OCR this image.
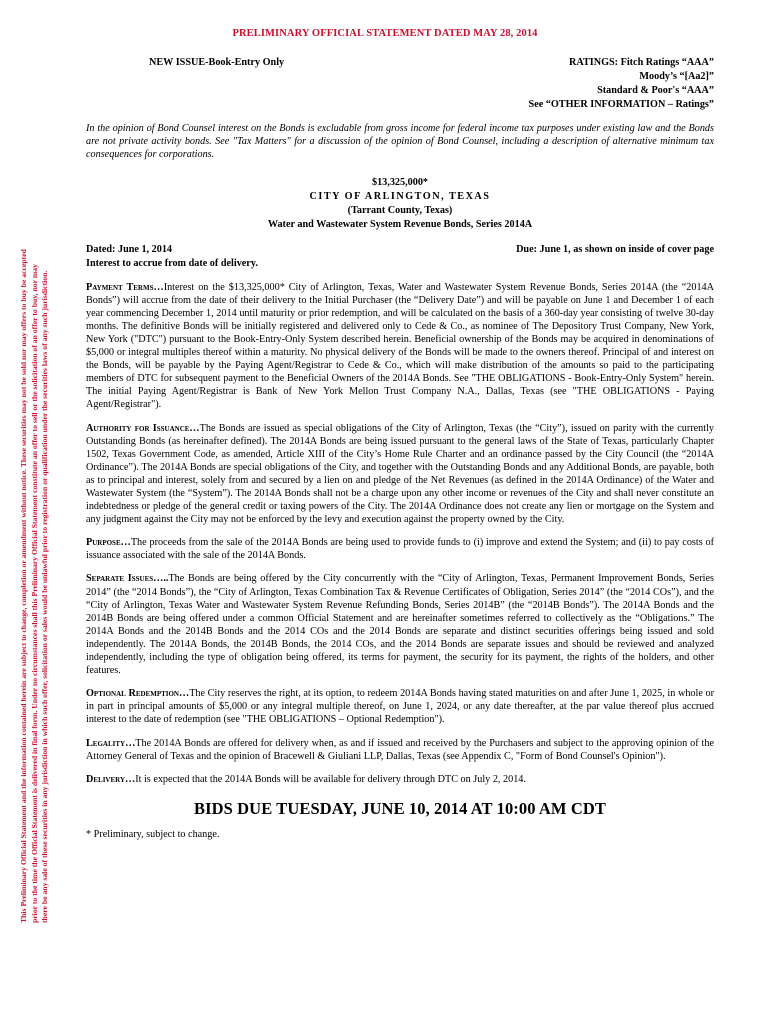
PRELIMINARY OFFICIAL STATEMENT DATED MAY 28, 2014
This Preliminary Official Statement and the information contained herein are subject to change, completion or amendment without notice. These securities may not be sold nor may offers to buy be accepted prior to the time the Official Statement is delivered in final form. Under no circumstances shall this Preliminary Official Statement constitute an offer to sell or the solicitation of an offer to buy, nor may there be any sale of these securities in any jurisdiction in which such offer, solicitation or sales would be unlawful prior to registration or qualification under the securities laws of any such jurisdiction.
NEW ISSUE-Book-Entry Only	RATINGS: Fitch Ratings “AAA”
Moody’s “[Aa2]”
Standard & Poor's “AAA”
See “OTHER INFORMATION – Ratings”
In the opinion of Bond Counsel interest on the Bonds is excludable from gross income for federal income tax purposes under existing law and the Bonds are not private activity bonds. See "Tax Matters" for a discussion of the opinion of Bond Counsel, including a description of alternative minimum tax consequences for corporations.
$13,325,000*
CITY OF ARLINGTON, TEXAS
(Tarrant County, Texas)
Water and Wastewater System Revenue Bonds, Series 2014A
Dated: June 1, 2014
Interest to accrue from date of delivery.
Due: June 1, as shown on inside of cover page
Payment Terms…Interest on the $13,325,000* City of Arlington, Texas, Water and Wastewater System Revenue Bonds, Series 2014A (the “2014A Bonds”) will accrue from the date of their delivery to the Initial Purchaser (the “Delivery Date”) and will be payable on June 1 and December 1 of each year commencing December 1, 2014 until maturity or prior redemption, and will be calculated on the basis of a 360-day year consisting of twelve 30-day months. The definitive Bonds will be initially registered and delivered only to Cede & Co., as nominee of The Depository Trust Company, New York, New York ("DTC") pursuant to the Book-Entry-Only System described herein. Beneficial ownership of the Bonds may be acquired in denominations of $5,000 or integral multiples thereof within a maturity. No physical delivery of the Bonds will be made to the owners thereof. Principal of and interest on the Bonds, will be payable by the Paying Agent/Registrar to Cede & Co., which will make distribution of the amounts so paid to the participating members of DTC for subsequent payment to the Beneficial Owners of the 2014A Bonds. See "THE OBLIGATIONS - Book-Entry-Only System" herein. The initial Paying Agent/Registrar is Bank of New York Mellon Trust Company N.A., Dallas, Texas (see "THE OBLIGATIONS - Paying Agent/Registrar").
Authority for Issuance…The Bonds are issued as special obligations of the City of Arlington, Texas (the “City”), issued on parity with the currently Outstanding Bonds (as hereinafter defined). The 2014A Bonds are being issued pursuant to the general laws of the State of Texas, particularly Chapter 1502, Texas Government Code, as amended, Article XIII of the City’s Home Rule Charter and an ordinance passed by the City Council (the “2014A Ordinance”). The 2014A Bonds are special obligations of the City, and together with the Outstanding Bonds and any Additional Bonds, are payable, both as to principal and interest, solely from and secured by a lien on and pledge of the Net Revenues (as defined in the 2014A Ordinance) of the Water and Wastewater System (the “System”). The 2014A Bonds shall not be a charge upon any other income or revenues of the City and shall never constitute an indebtedness or pledge of the general credit or taxing powers of the City. The 2014A Ordinance does not create any lien or mortgage on the System and any judgment against the City may not be enforced by the levy and execution against the property owned by the City.
Purpose…The proceeds from the sale of the 2014A Bonds are being used to provide funds to (i) improve and extend the System; and (ii) to pay costs of issuance associated with the sale of the 2014A Bonds.
Separate Issues…..The Bonds are being offered by the City concurrently with the “City of Arlington, Texas, Permanent Improvement Bonds, Series 2014” (the “2014 Bonds”), the “City of Arlington, Texas Combination Tax & Revenue Certificates of Obligation, Series 2014” (the “2014 COs”), and the “City of Arlington, Texas Water and Wastewater System Revenue Refunding Bonds, Series 2014B” (the “2014B Bonds”). The 2014A Bonds and the 2014B Bonds are being offered under a common Official Statement and are hereinafter sometimes referred to collectively as the “Obligations.” The 2014A Bonds and the 2014B Bonds and the 2014 COs and the 2014 Bonds are separate and distinct securities offerings being issued and sold independently. The 2014A Bonds, the 2014B Bonds, the 2014 COs, and the 2014 Bonds are separate issues and should be reviewed and analyzed independently, including the type of obligation being offered, its terms for payment, the security for its payment, the rights of the holders, and other features.
Optional Redemption…The City reserves the right, at its option, to redeem 2014A Bonds having stated maturities on and after June 1, 2025, in whole or in part in principal amounts of $5,000 or any integral multiple thereof, on June 1, 2024, or any date thereafter, at the par value thereof plus accrued interest to the date of redemption (see "THE OBLIGATIONS – Optional Redemption").
Legality…The 2014A Bonds are offered for delivery when, as and if issued and received by the Purchasers and subject to the approving opinion of the Attorney General of Texas and the opinion of Bracewell & Giuliani LLP, Dallas, Texas (see Appendix C, "Form of Bond Counsel's Opinion").
Delivery…It is expected that the 2014A Bonds will be available for delivery through DTC on July 2, 2014.
BIDS DUE TUESDAY, JUNE 10, 2014 AT 10:00 AM CDT
* Preliminary, subject to change.
